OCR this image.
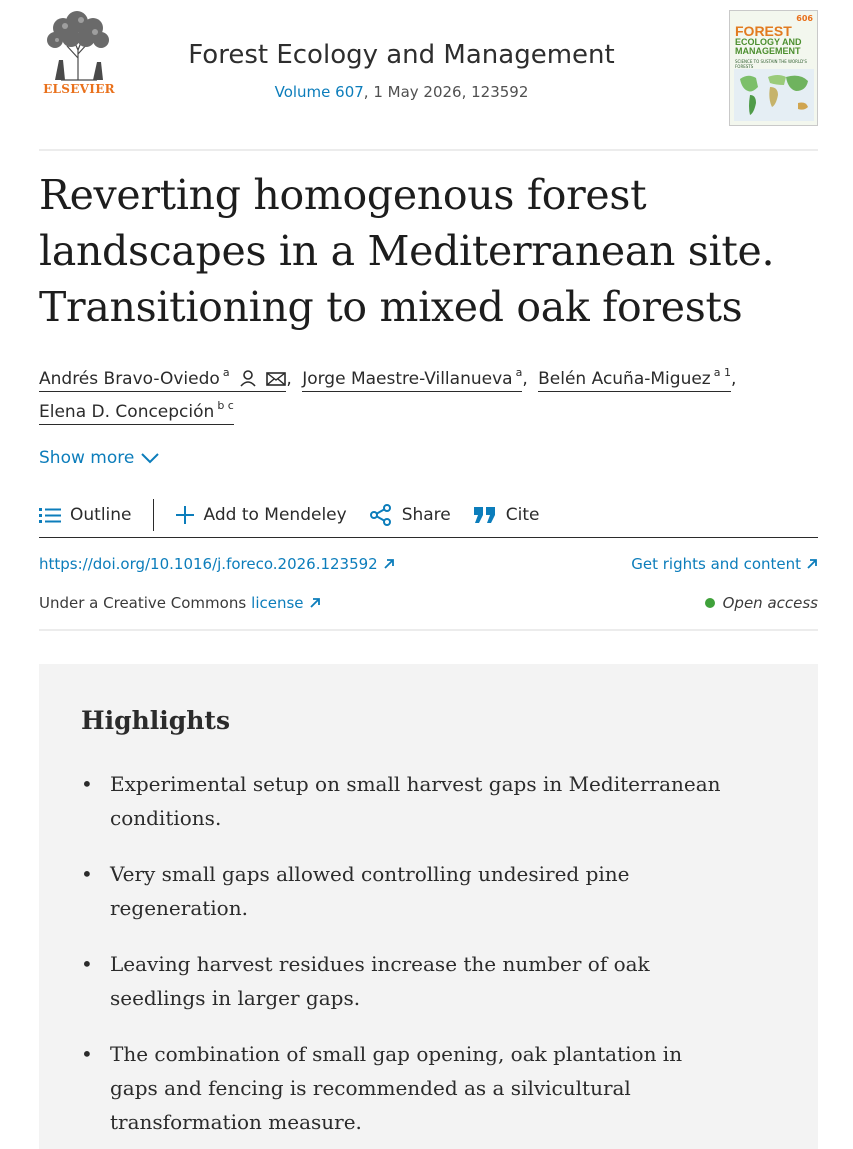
ELSEVIER
Forest Ecology and Management
Volume 607, 1 May 2026, 123592
606
FOREST
ECOLOGY AND MANAGEMENT
SCIENCE TO SUSTAIN THE WORLD'S FORESTS
Reverting homogenous forest landscapes in a Mediterranean site. Transitioning to mixed oak forests
Andrés Bravo-Oviedo $^a$	, Jorge Maestre-Villanueva $^a$, Belén Acuña-Miguez $^{a 1}$,
Elena D. Concepción $^{b c}$
Show more
Outline	Add to Mendeley	Share	Cite
https://doi.org/10.1016/j.foreco.2026.123592	Get rights and content
Under a Creative Commons license	Open access
Highlights
• Experimental setup on small harvest gaps in Mediterranean conditions.
• Very small gaps allowed controlling undesired pine regeneration.
• Leaving harvest residues increase the number of oak seedlings in larger gaps.
• The combination of small gap opening, oak plantation in gaps and fencing is recommended as a silvicultural transformation measure.
